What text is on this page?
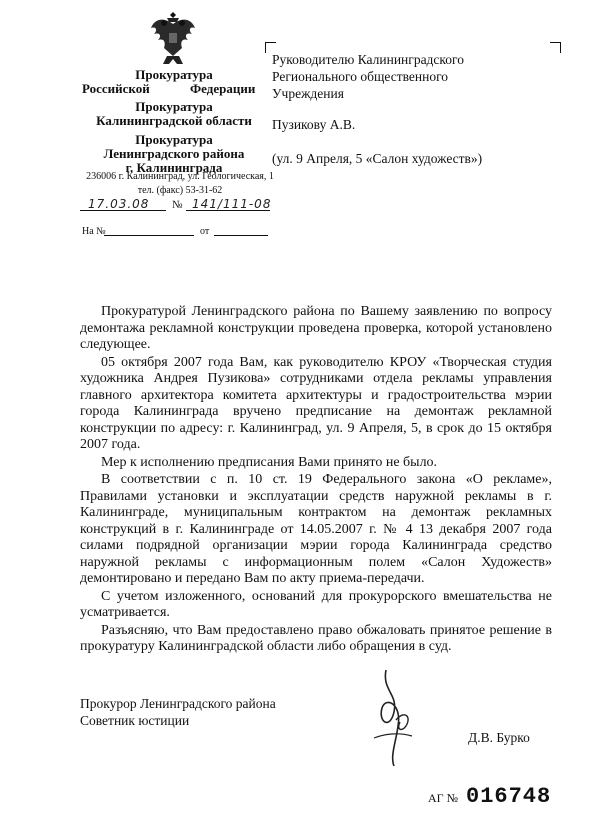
Прокуратура
Российской	Федерации
Прокуратура
Калининградской области
Прокуратура
Ленинградского района
г. Калининграда
236006 г. Калининград, ул. Геологическая, 1
тел. (факс) 53-31-62
17.03.08 № 141/111-08
На №	от
Руководителю Калининградского
Регионального общественного
Учреждения
Пузикову А.В.
(ул. 9 Апреля, 5 «Салон художеств»)

Прокуратурой Ленинградского района по Вашему заявлению по вопросу демонтажа рекламной конструкции проведена проверка, которой установлено следующее.

05 октября 2007 года Вам, как руководителю КРОУ «Творческая студия художника Андрея Пузикова» сотрудниками отдела рекламы управления главного архитектора комитета архитектуры и градостроительства мэрии города Калининграда вручено предписание на демонтаж рекламной конструкции по адресу: г. Калининград, ул. 9 Апреля, 5, в срок до 15 октября 2007 года.

Мер к исполнению предписания Вами принято не было.

В соответствии с п. 10 ст. 19 Федерального закона «О рекламе», Правилами установки и эксплуатации средств наружной рекламы в г. Калининграде, муниципальным контрактом на демонтаж рекламных конструкций в г. Калининграде от 14.05.2007 г. № 4 13 декабря 2007 года силами подрядной организации мэрии города Калининграда средство наружной рекламы с информационным полем «Салон Художеств» демонтировано и передано Вам по акту приема-передачи.

С учетом изложенного, оснований для прокурорского вмешательства не усматривается.

Разъясняю, что Вам предоставлено право обжаловать принятое решение в прокуратуру Калининградской области либо обращения в суд.

Прокурор Ленинградского района
Советник юстиции
Д.В. Бурко
АГ № 016748
